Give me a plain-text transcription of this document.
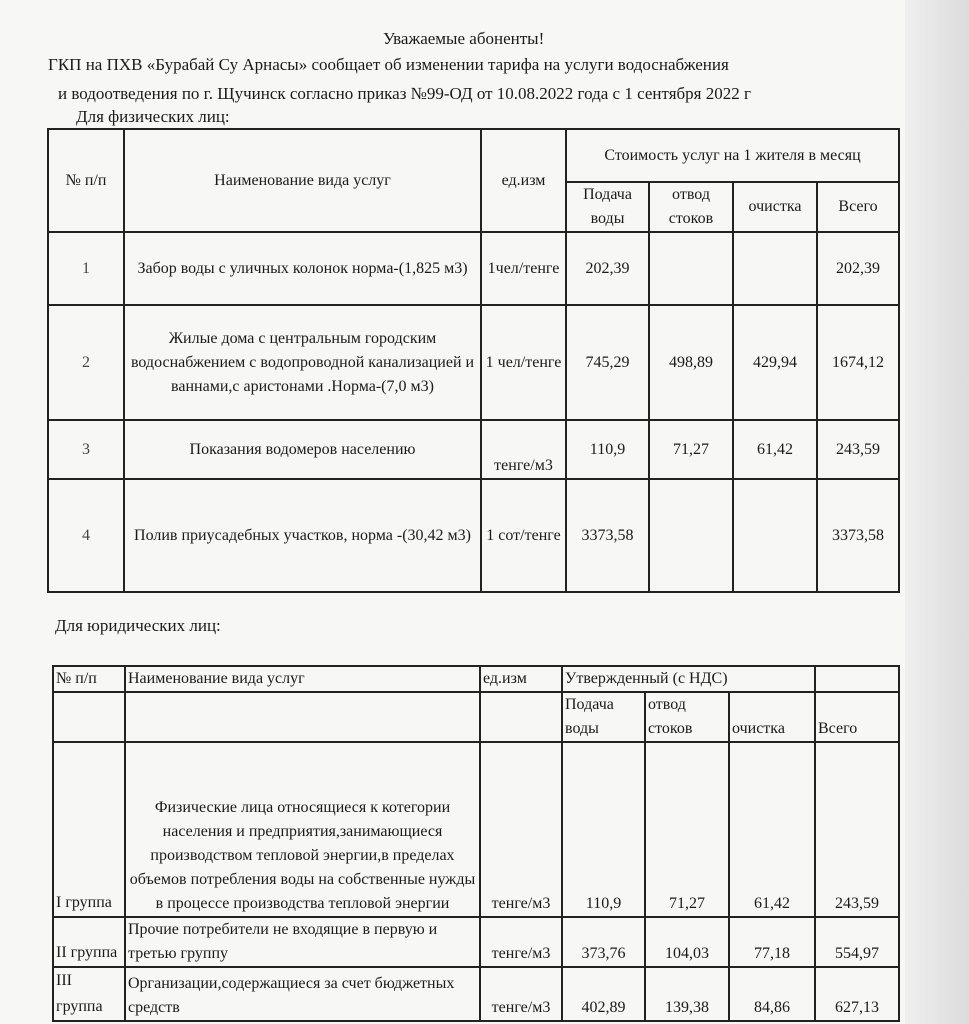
Уважаемые абоненты!
ГКП на ПХВ «Бурабай Су Арнасы» сообщает об изменении тарифа на услуги водоснабжения
и водоотведения по г. Щучинск согласно приказ №99-ОД от 10.08.2022 года с 1 сентября 2022 г
Для физических лиц:
№ п/п	Наименование вида услуг	ед.изм	Стоимость услуг на 1 жителя в месяц			
			Подача воды	отвод стоков	очистка	Всего
1	Забор воды с уличных колонок норма-(1,825 м3)	1чел/тенге	202,39			202,39
2	Жилые дома с центральным городским водоснабжением с водопроводной канализацией и ваннами,с аристонами .Норма-(7,0 м3)	1 чел/тенге	745,29	498,89	429,94	1674,12
3	Показания водомеров населению	тенге/м3	110,9	71,27	61,42	243,59
4	Полив приусадебных участков, норма -(30,42 м3)	1 сот/тенге	3373,58			3373,58
Для юридических лиц:
№ п/п	Наименование вида услуг	ед.изм	Утвержденный (с НДС)			
			Подача воды	отвод стоков	очистка	Всего
I группа	Физические лица относящиеся к котегории населения и предприятия,занимающиеся производством тепловой энергии,в пределах объемов потребления воды на собственные нужды в процессе производства тепловой энергии	тенге/м3	110,9	71,27	61,42	243,59
II группа	Прочие потребители не входящие в первую и третью группу	тенге/м3	373,76	104,03	77,18	554,97
III группа	Организации,содержащиеся за счет бюджетных средств	тенге/м3	402,89	139,38	84,86	627,13
